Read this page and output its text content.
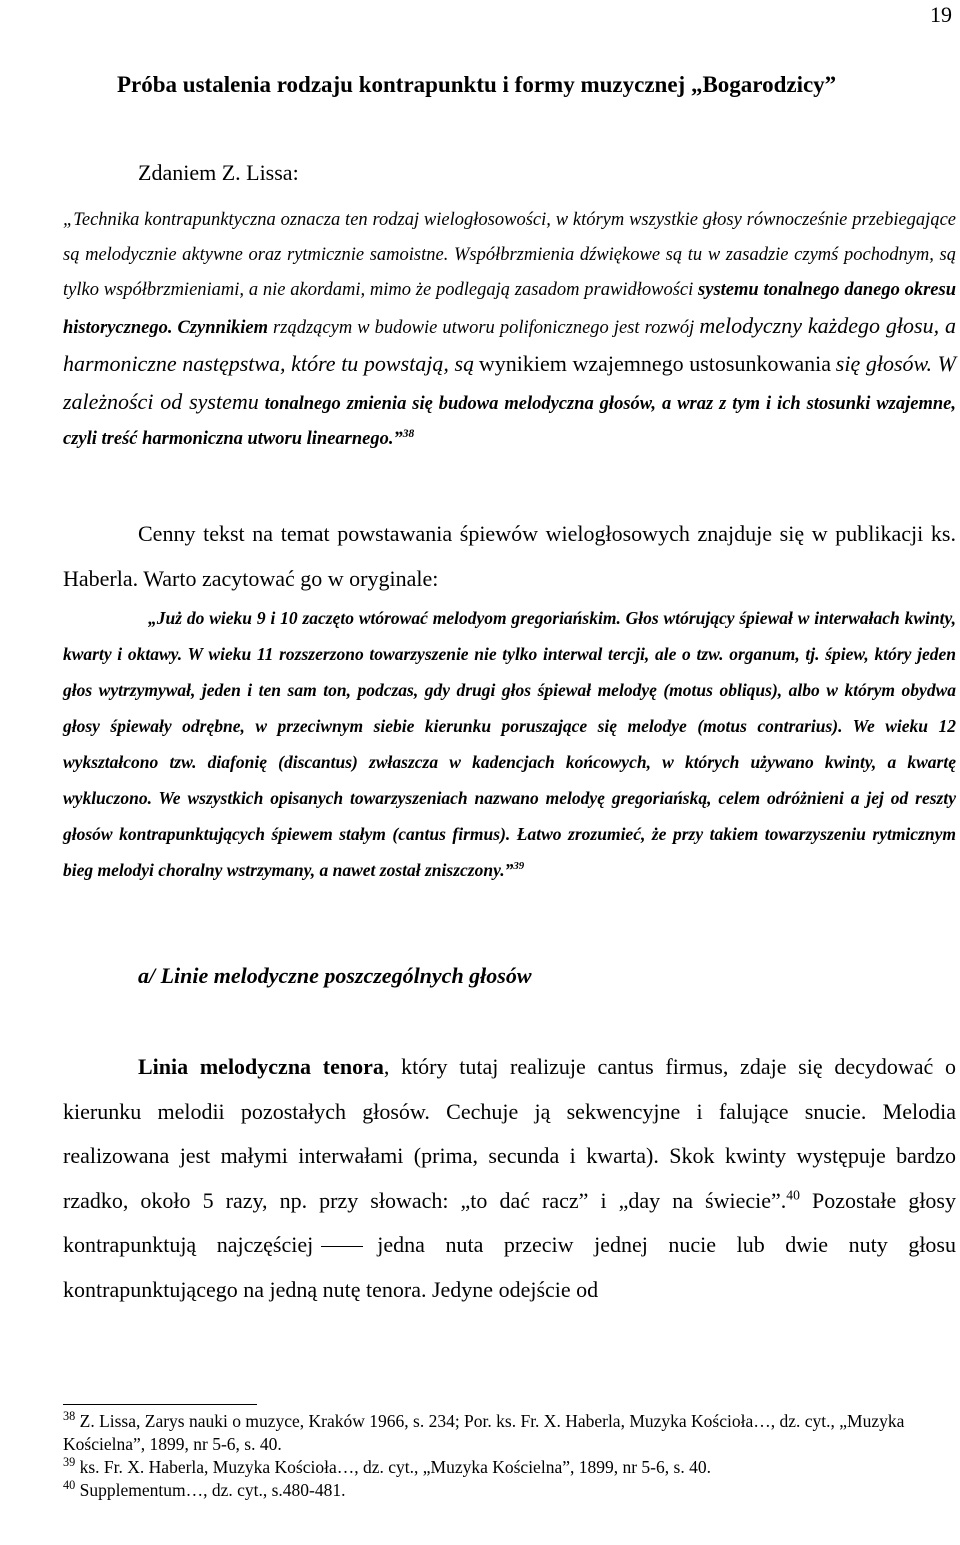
19
Próba ustalenia rodzaju kontrapunktu i formy muzycznej „Bogarodzicy”

Zdaniem Z. Lissa:

„Technika kontrapunktyczna oznacza ten rodzaj wielogłosowości, w którym wszystkie głosy równocześnie przebiegające są melodycznie aktywne oraz rytmicznie samoistne. Współbrzmienia dźwiękowe są tu w zasadzie czymś pochodnym, są tylko współbrzmieniami, a nie akordami, mimo że podlegają zasadom prawidłowości systemu tonalnego danego okresu historycznego. Czynnikiem rządzącym w budowie utworu polifonicznego jest rozwój melodyczny każdego głosu, a harmoniczne następstwa, które tu powstają, są wynikiem wzajemnego ustosunkowania się głosów. W zależności od systemu tonalnego zmienia się budowa melodyczna głosów, a wraz z tym i ich stosunki wzajemne, czyli treść harmoniczna utworu linearnego.”$^{38}$

Cenny tekst na temat powstawania śpiewów wielogłosowych znajduje się w publikacji ks. Haberla. Warto zacytować go w oryginale:

„Już do wieku 9 i 10 zaczęto wtórować melodyom gregoriańskim. Głos wtórujący śpiewał w interwałach kwinty, kwarty i oktawy. W wieku 11 rozszerzono towarzyszenie nie tylko interwal tercji, ale o tzw. organum, tj. śpiew, który jeden głos wytrzymywał, jeden i ten sam ton, podczas, gdy drugi głos śpiewał melodyę (motus obliqus), albo w którym obydwa głosy śpiewały odrębne, w przeciwnym siebie kierunku poruszające się melodye (motus contrarius). We wieku 12 wykształcono tzw. diafonię (discantus) zwłaszcza w kadencjach końcowych, w których używano kwinty, a kwartę wykluczono. We wszystkich opisanych towarzyszeniach nazwano melodyę gregoriańską, celem odróżnieni a jej od reszty głosów kontrapunktujących śpiewem stałym (cantus firmus). Łatwo zrozumieć, że przy takiem towarzyszeniu rytmicznym bieg melodyi choralny wstrzymany, a nawet został zniszczony.”$^{39}$

a/ Linie melodyczne poszczególnych głosów

Linia melodyczna tenora, który tutaj realizuje cantus firmus, zdaje się decydować o kierunku melodii pozostałych głosów. Cechuje ją sekwencyjne i falujące snucie. Melodia realizowana jest małymi interwałami (prima, secunda i kwarta). Skok kwinty występuje bardzo rzadko, około 5 razy, np. przy słowach: „to dać racz” i „day na świecie”.$^{40}$ Pozostałe głosy kontrapunktują najczęściej	jedna nuta przeciw jednej nucie lub dwie nuty głosu kontrapunktującego na jedną nutę tenora. Jedyne odejście od

$^{38}$ Z. Lissa, Zarys nauki o muzyce, Kraków 1966, s. 234; Por. ks. Fr. X. Haberla, Muzyka Kościoła…, dz. cyt., „Muzyka Kościelna”, 1899, nr 5-6, s. 40.

$^{39}$ ks. Fr. X. Haberla, Muzyka Kościoła…, dz. cyt., „Muzyka Kościelna”, 1899, nr 5-6, s. 40.

$^{40}$ Supplementum…, dz. cyt., s.480-481.
